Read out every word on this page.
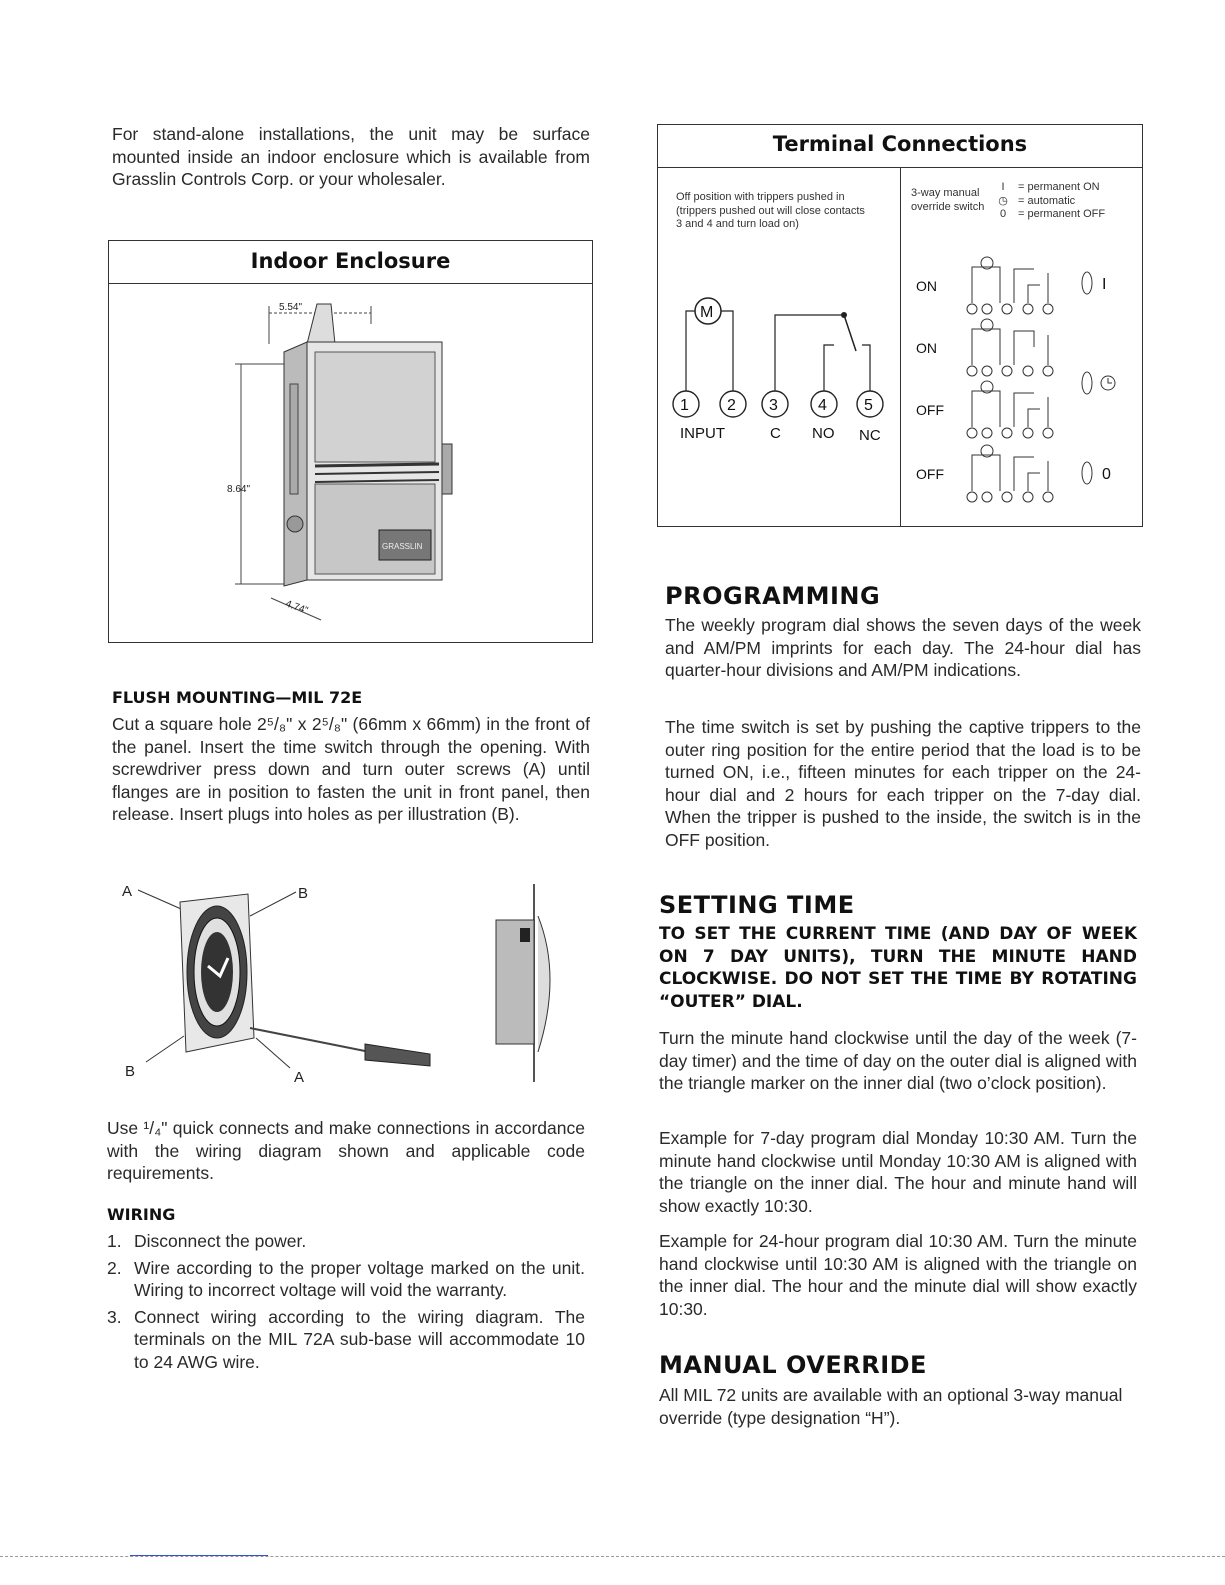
For stand-alone installations, the unit may be surface mounted inside an indoor enclosure which is available from Grasslin Controls Corp. or your wholesaler.

Indoor Enclosure
5.54"
8.64"
4.74"
GRASSLIN
FLUSH MOUNTING—MIL 72E

Cut a square hole 2⁵/₈" x 2⁵/₈" (66mm x 66mm) in the front of the panel. Insert the time switch through the opening. With screwdriver press down and turn outer screws (A) until flanges are in position to fasten the unit in front panel, then release. Insert plugs into holes as per illustration (B).

A	B
B	A

Use ¹/₄" quick connects and make connections in accordance with the wiring diagram shown and applicable code requirements.

WIRING
1. Disconnect the power.
2. Wire according to the proper voltage marked on the unit. Wiring to incorrect voltage will void the warranty.
3. Connect wiring according to the wiring diagram. The terminals on the MIL 72A sub-base will accommodate 10 to 24 AWG wire.
Terminal Connections
Off position with trippers pushed in (trippers pushed out will close contacts 3 and 4 and turn load on)
M
1 2 3	4 5
INPUT	C NO NC
3-way manual override switch
I	= permanent ON
◷ = automatic
0	= permanent OFF
ON	I
ON
OFF
OFF	0
PROGRAMMING

The weekly program dial shows the seven days of the week and AM/PM imprints for each day. The 24-hour dial has quarter-hour divisions and AM/PM indications.

The time switch is set by pushing the captive trippers to the outer ring position for the entire period that the load is to be turned ON, i.e., fifteen minutes for each tripper on the 24-hour dial and 2 hours for each tripper on the 7-day dial. When the tripper is pushed to the inside, the switch is in the OFF position.

SETTING TIME

TO SET THE CURRENT TIME (AND DAY OF WEEK ON 7 DAY UNITS), TURN THE MINUTE HAND CLOCKWISE. DO NOT SET THE TIME BY ROTATING “OUTER” DIAL.

Turn the minute hand clockwise until the day of the week (7-day timer) and the time of day on the outer dial is aligned with the triangle marker on the inner dial (two o’clock position).

Example for 7-day program dial Monday 10:30 AM. Turn the minute hand clockwise until Monday 10:30 AM is aligned with the triangle on the inner dial. The hour and minute hand will show exactly 10:30.

Example for 24-hour program dial 10:30 AM. Turn the minute hand clockwise until 10:30 AM is aligned with the triangle on the inner dial. The hour and the minute dial will show exactly 10:30.

MANUAL OVERRIDE

All MIL 72 units are available with an optional 3-way manual override (type designation “H”).
